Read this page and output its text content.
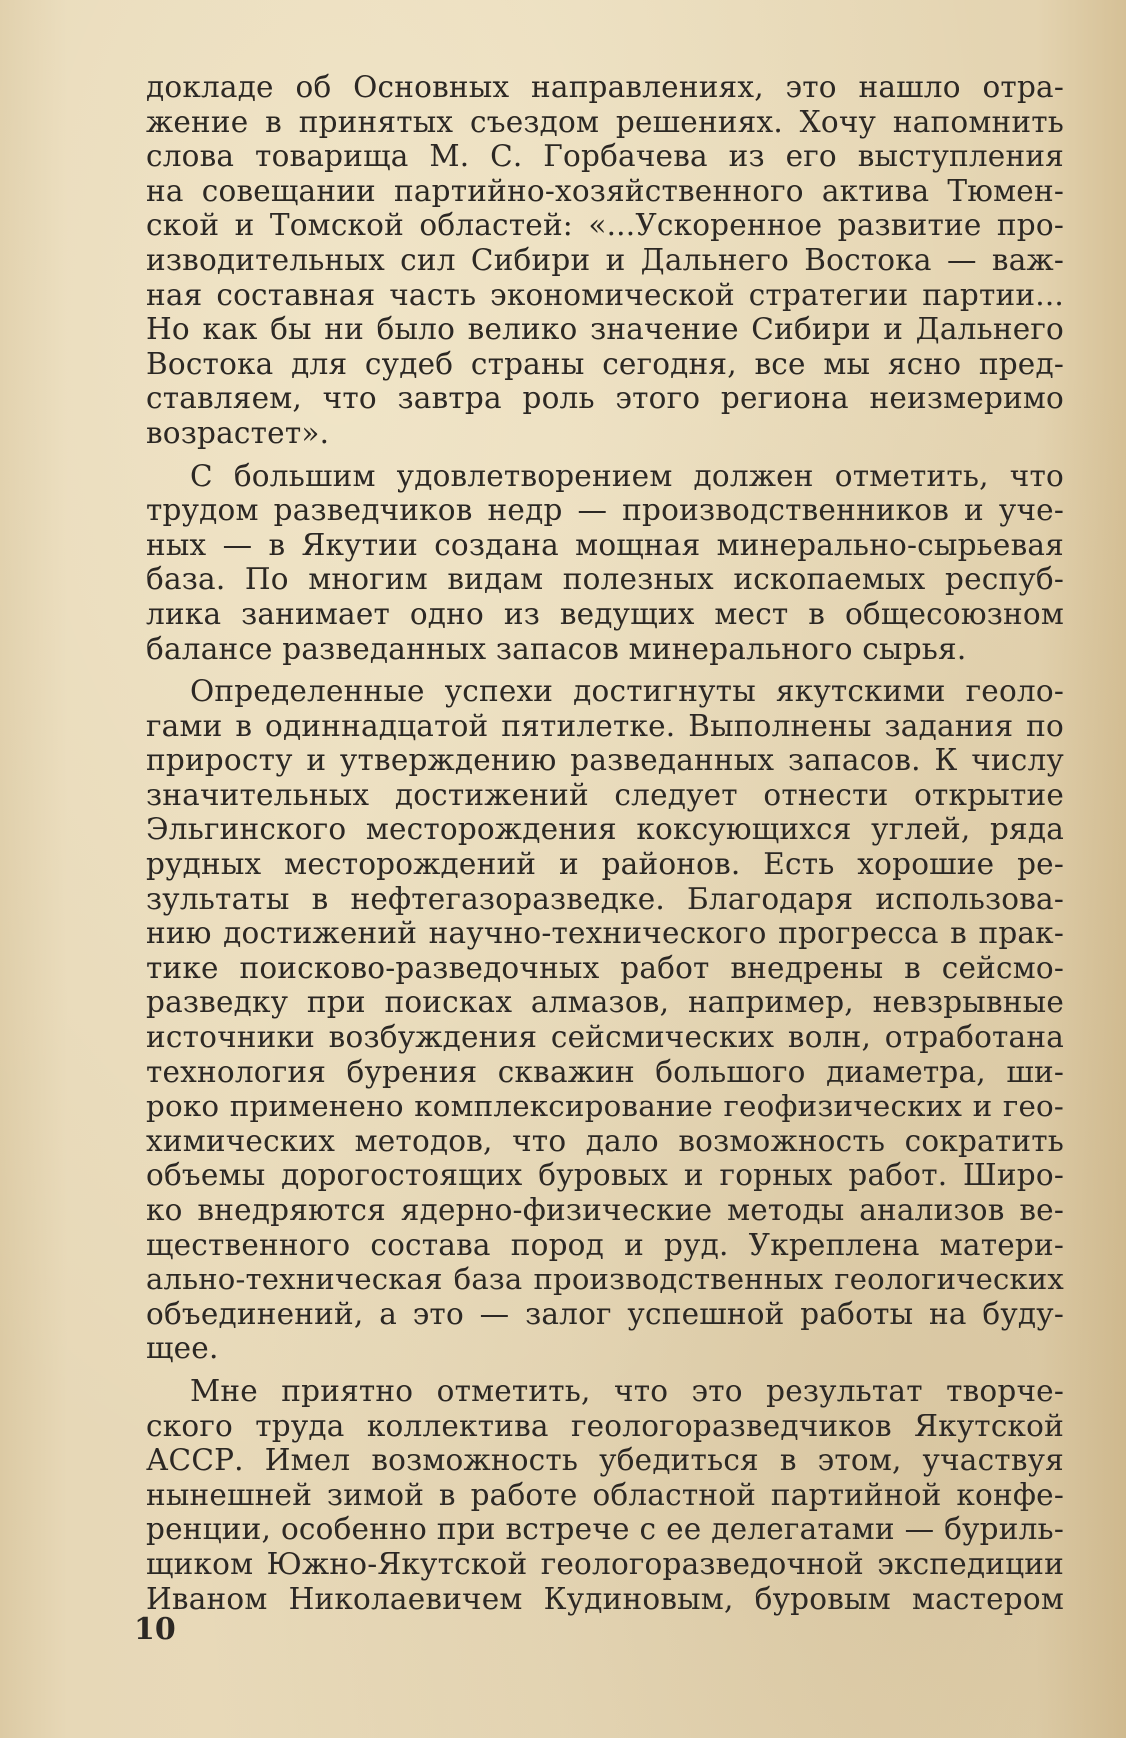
докладе об Основных направлениях, это нашло отра-
жение в принятых съездом решениях. Хочу напомнить
слова товарища М. С. Горбачева из его выступления
на совещании партийно-хозяйственного актива Тюмен-
ской и Томской областей: «...Ускоренное развитие про-
изводительных сил Сибири и Дальнего Востока — важ-
ная составная часть экономической стратегии партии...
Но как бы ни было велико значение Сибири и Дальнего
Востока для судеб страны сегодня, все мы ясно пред-
ставляем, что завтра роль этого региона неизмеримо
возрастет».
С большим удовлетворением должен отметить, что
трудом разведчиков недр — производственников и уче-
ных — в Якутии создана мощная минерально-сырьевая
база. По многим видам полезных ископаемых респуб-
лика занимает одно из ведущих мест в общесоюзном
балансе разведанных запасов минерального сырья.
Определенные успехи достигнуты якутскими геоло-
гами в одиннадцатой пятилетке. Выполнены задания по
приросту и утверждению разведанных запасов. К числу
значительных достижений следует отнести открытие
Эльгинского месторождения коксующихся углей, ряда
рудных месторождений и районов. Есть хорошие ре-
зультаты в нефтегазоразведке. Благодаря использова-
нию достижений научно-технического прогресса в прак-
тике поисково-разведочных работ внедрены в сейсмо-
разведку при поисках алмазов, например, невзрывные
источники возбуждения сейсмических волн, отработана
технология бурения скважин большого диаметра, ши-
роко применено комплексирование геофизических и гео-
химических методов, что дало возможность сократить
объемы дорогостоящих буровых и горных работ. Широ-
ко внедряются ядерно-физические методы анализов ве-
щественного состава пород и руд. Укреплена матери-
ально-техническая база производственных геологических
объединений, а это — залог успешной работы на буду-
щее.
Мне приятно отметить, что это результат творче-
ского труда коллектива геологоразведчиков Якутской
АССР. Имел возможность убедиться в этом, участвуя
нынешней зимой в работе областной партийной конфе-
ренции, особенно при встрече с ее делегатами — буриль-
щиком Южно-Якутской геологоразведочной экспедиции
Иваном Николаевичем Кудиновым, буровым мастером
10
